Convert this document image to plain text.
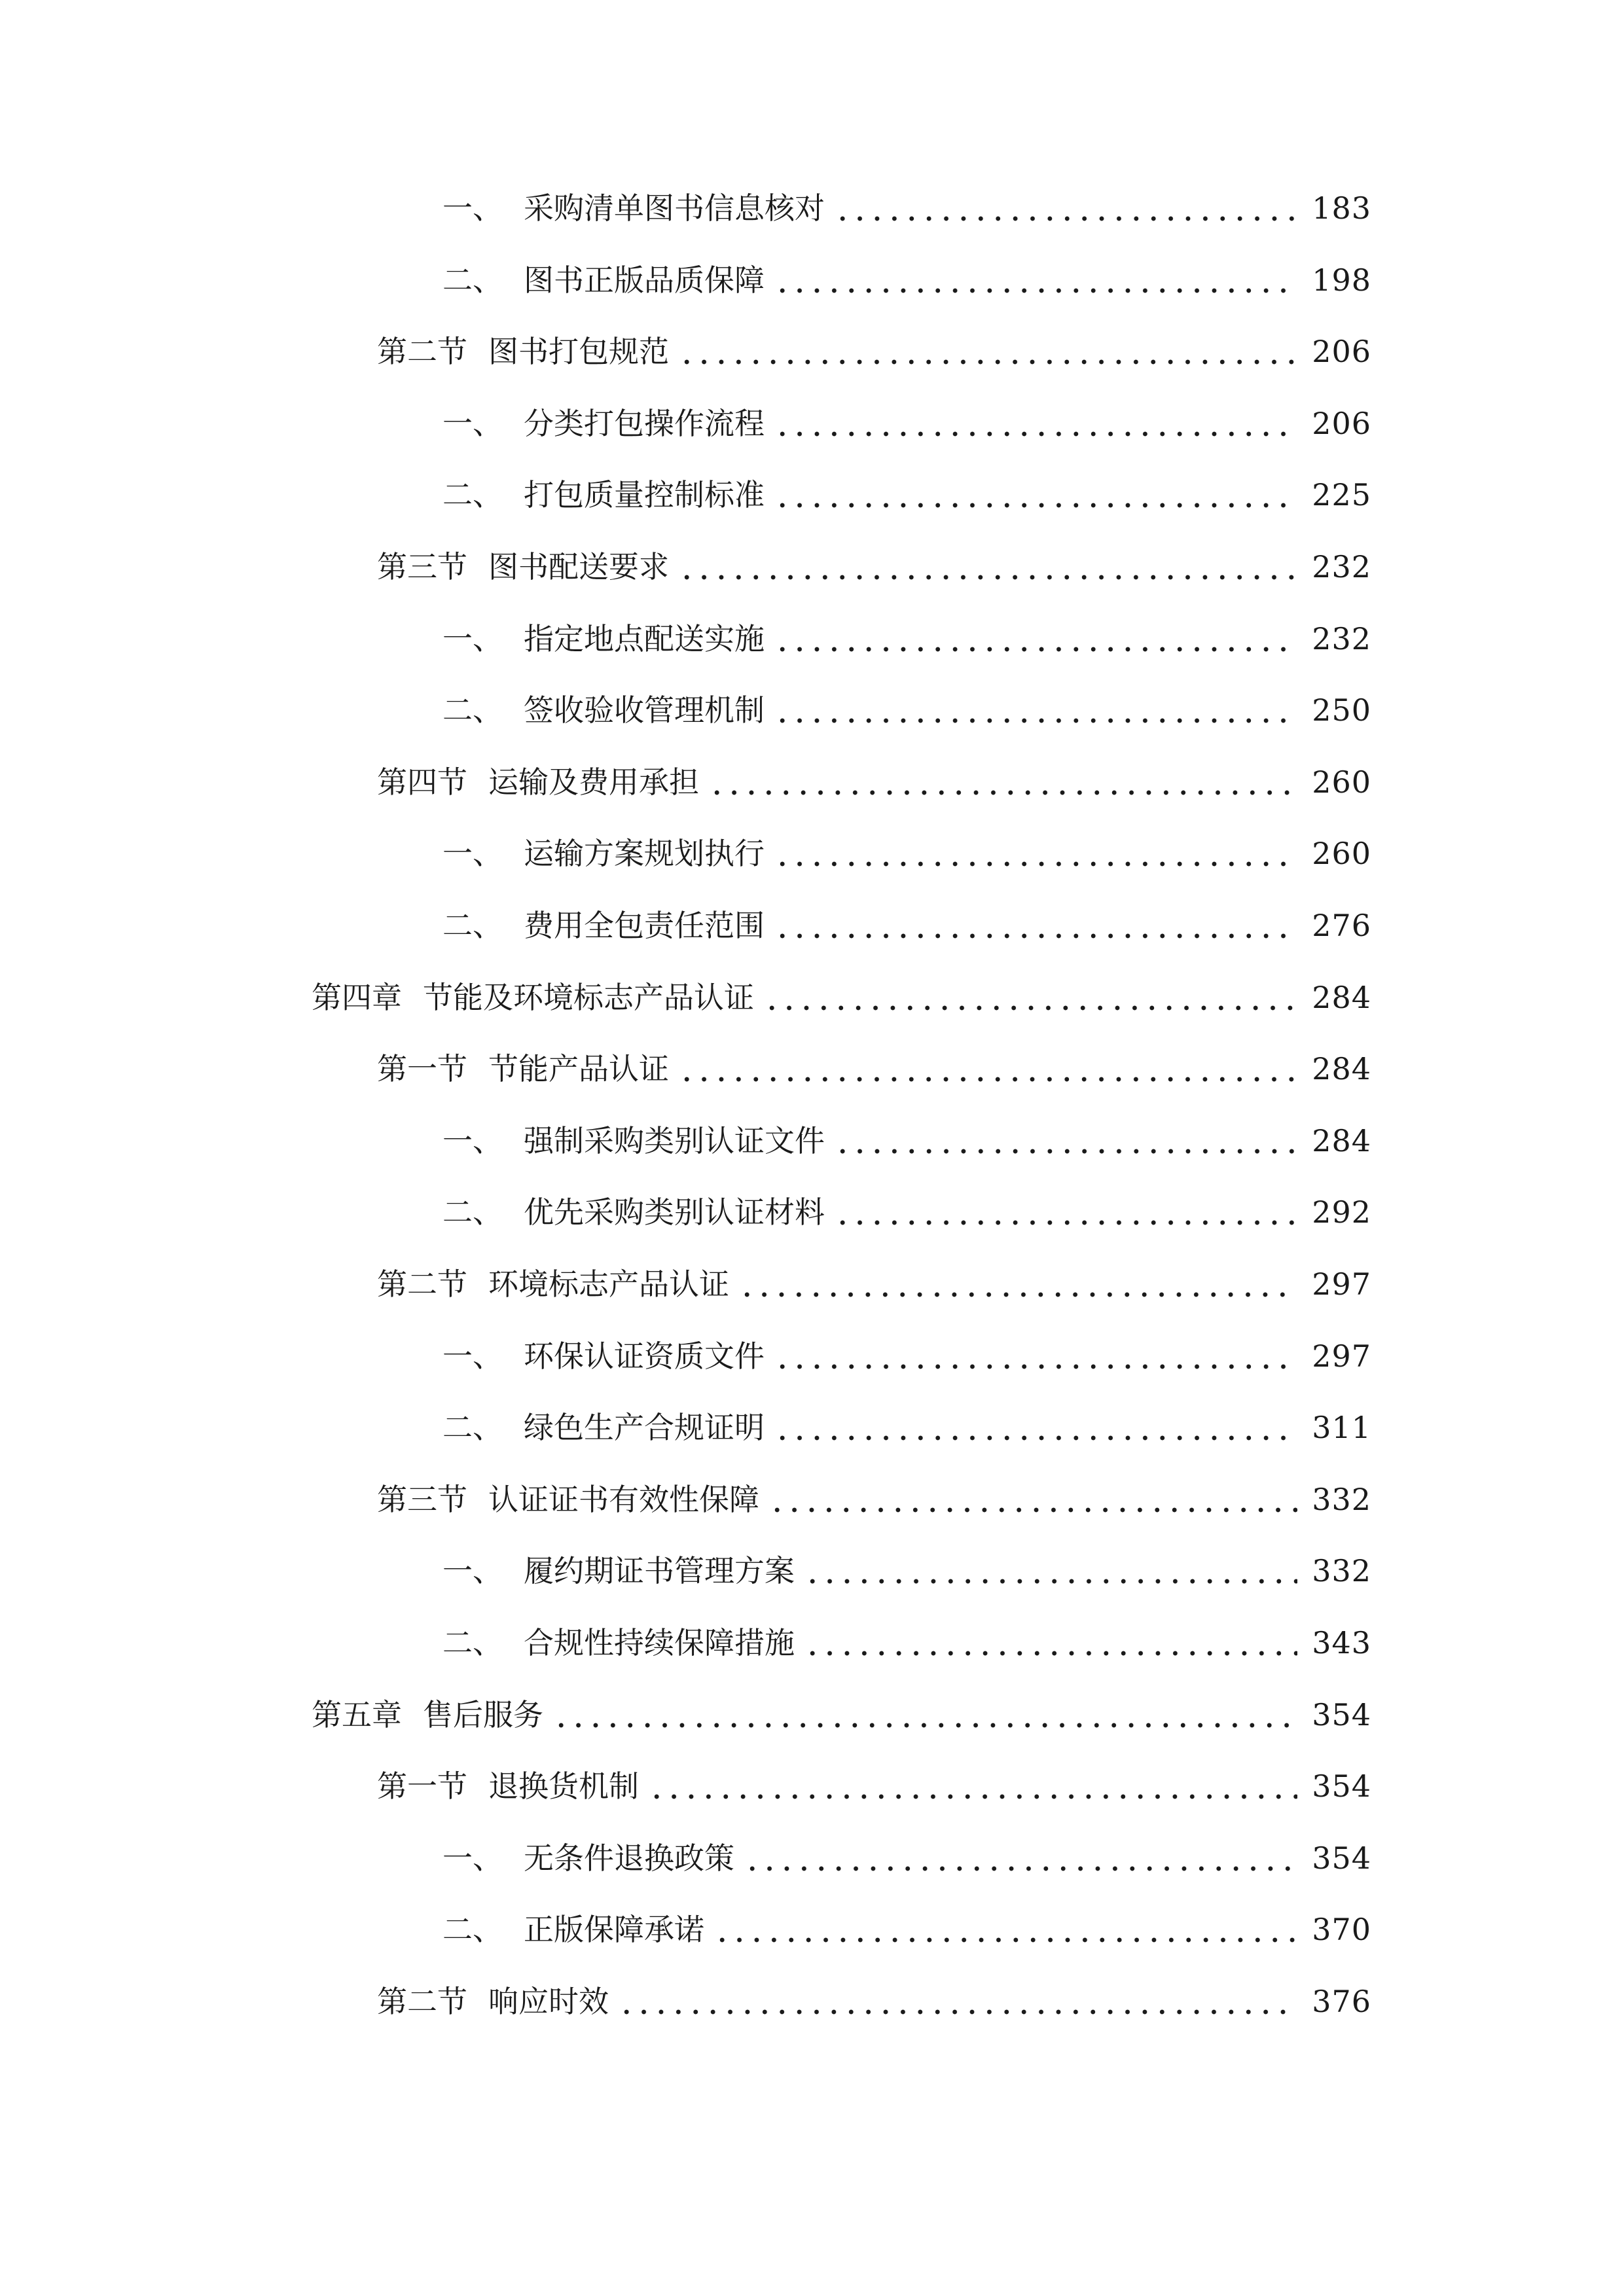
一、 采购清单图书信息核对	183
二、 图书正版品质保障	198
第二节 图书打包规范	206
一、 分类打包操作流程	206
二、 打包质量控制标准	225
第三节 图书配送要求	232
一、 指定地点配送实施	232
二、 签收验收管理机制	250
第四节 运输及费用承担	260
一、 运输方案规划执行	260
二、 费用全包责任范围	276
第四章 节能及环境标志产品认证	284
第一节 节能产品认证	284
一、 强制采购类别认证文件	284
二、 优先采购类别认证材料	292
第二节 环境标志产品认证	297
一、 环保认证资质文件	297
二、 绿色生产合规证明	311
第三节 认证证书有效性保障	332
一、 履约期证书管理方案	332
二、 合规性持续保障措施	343
第五章 售后服务	354
第一节 退换货机制	354
一、 无条件退换政策	354
二、 正版保障承诺	370
第二节 响应时效	376
